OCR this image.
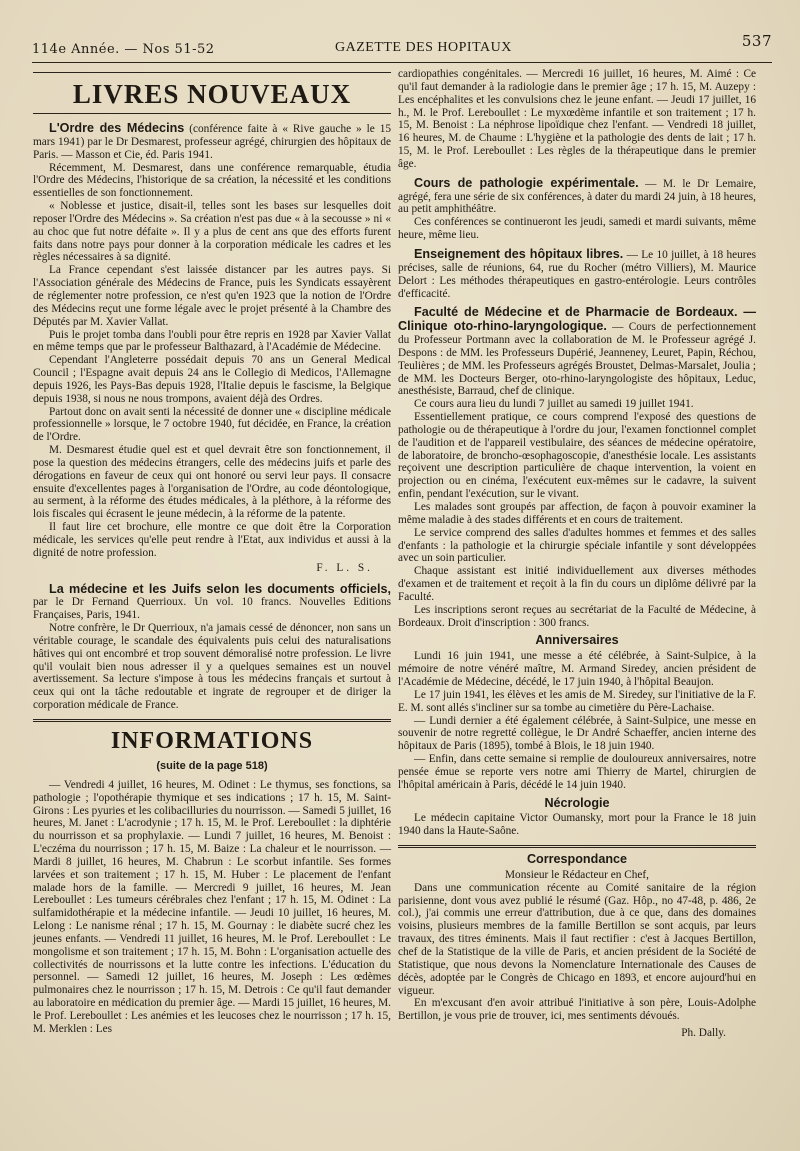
114e Année. — Nos 51-52	GAZETTE DES HOPITAUX	537
LIVRES NOUVEAUX

L'Ordre des Médecins (conférence faite à « Rive gauche » le 15 mars 1941) par le Dr Desmarest, professeur agrégé, chirurgien des hôpitaux de Paris. — Masson et Cie, éd. Paris 1941.

Récemment, M. Desmarest, dans une conférence remarquable, étudia l'Ordre des Médecins, l'historique de sa création, la nécessité et les conditions essentielles de son fonctionnement.

« Noblesse et justice, disait-il, telles sont les bases sur lesquelles doit reposer l'Ordre des Médecins ». Sa création n'est pas due « à la secousse » ni « au choc que fut notre défaite ». Il y a plus de cent ans que des efforts furent faits dans notre pays pour donner à la corporation médicale les cadres et les règles nécessaires à sa dignité.

La France cependant s'est laissée distancer par les autres pays. Si l'Association générale des Médecins de France, puis les Syndicats essayèrent de réglementer notre profession, ce n'est qu'en 1923 que la notion de l'Ordre des Médecins reçut une forme légale avec le projet présenté à la Chambre des Députés par M. Xavier Vallat.

Puis le projet tomba dans l'oubli pour être repris en 1928 par Xavier Vallat en même temps que par le professeur Balthazard, à l'Académie de Médecine.

Cependant l'Angleterre possédait depuis 70 ans un General Medical Council ; l'Espagne avait depuis 24 ans le Collegio di Medicos, l'Allemagne depuis 1926, les Pays-Bas depuis 1928, l'Italie depuis le fascisme, la Belgique depuis 1938, si nous ne nous trompons, avaient déjà des Ordres.

Partout donc on avait senti la nécessité de donner une « discipline médicale professionnelle » lorsque, le 7 octobre 1940, fut décidée, en France, la création de l'Ordre.

M. Desmarest étudie quel est et quel devrait être son fonctionnement, il pose la question des médecins étrangers, celle des médecins juifs et parle des dérogations en faveur de ceux qui ont honoré ou servi leur pays. Il consacre ensuite d'excellentes pages à l'organisation de l'Ordre, au code déontologique, au serment, à la réforme des études médicales, à la pléthore, à la réforme des lois fiscales qui écrasent le jeune médecin, à la réforme de la patente.

Il faut lire cet brochure, elle montre ce que doit être la Corporation médicale, les services qu'elle peut rendre à l'Etat, aux individus et aussi à la dignité de notre profession.

F. L. S.

La médecine et les Juifs selon les documents officiels, par le Dr Fernand Querrioux. Un vol. 10 francs. Nouvelles Editions Françaises, Paris, 1941.

Notre confrère, le Dr Querrioux, n'a jamais cessé de dénoncer, non sans un véritable courage, le scandale des équivalents puis celui des naturalisations hâtives qui ont encombré et trop souvent démoralisé notre profession. Le livre qu'il voulait bien nous adresser il y a quelques semaines est un nouvel avertissement. Sa lecture s'impose à tous les médecins français et surtout à ceux qui ont la tâche redoutable et ingrate de regrouper et de diriger la corporation médicale de France.

INFORMATIONS
(suite de la page 518)

— Vendredi 4 juillet, 16 heures, M. Odinet : Le thymus, ses fonctions, sa pathologie ; l'opothérapie thymique et ses indications ; 17 h. 15, M. Saint-Girons : Les pyuries et les colibacilluries du nourrisson. — Samedi 5 juillet, 16 heures, M. Janet : L'acrodynie ; 17 h. 15, M. le Prof. Lereboullet : la diphtérie du nourrisson et sa prophylaxie. — Lundi 7 juillet, 16 heures, M. Benoist : L'eczéma du nourrisson ; 17 h. 15, M. Baize : La chaleur et le nourrisson. — Mardi 8 juillet, 16 heures, M. Chabrun : Le scorbut infantile. Ses formes larvées et son traitement ; 17 h. 15, M. Huber : Le placement de l'enfant malade hors de la famille. — Mercredi 9 juillet, 16 heures, M. Jean Lereboullet : Les tumeurs cérébrales chez l'enfant ; 17 h. 15, M. Odinet : La sulfamidothérapie et la médecine infantile. — Jeudi 10 juillet, 16 heures, M. Lelong : Le nanisme rénal ; 17 h. 15, M. Gournay : le diabète sucré chez les jeunes enfants. — Vendredi 11 juillet, 16 heures, M. le Prof. Lereboullet : Le mongolisme et son traitement ; 17 h. 15, M. Bohn : L'organisation actuelle des collectivités de nourrissons et la lutte contre les infections. L'éducation du personnel. — Samedi 12 juillet, 16 heures, M. Joseph : Les œdèmes pulmonaires chez le nourrisson ; 17 h. 15, M. Detrois : Ce qu'il faut demander au laboratoire en médication du premier âge. — Mardi 15 juillet, 16 heures, M. le Prof. Lereboullet : Les anémies et les leucoses chez le nourrisson ; 17 h. 15, M. Merklen : Les

cardiopathies congénitales. — Mercredi 16 juillet, 16 heures, M. Aimé : Ce qu'il faut demander à la radiologie dans le premier âge ; 17 h. 15, M. Auzepy : Les encéphalites et les convulsions chez le jeune enfant. — Jeudi 17 juillet, 16 h., M. le Prof. Lereboullet : Le myxœdème infantile et son traitement ; 17 h. 15, M. Benoist : La néphrose lipoïdique chez l'enfant. — Vendredi 18 juillet, 16 heures, M. de Chaume : L'hygiène et la pathologie des dents de lait ; 17 h. 15, M. le Prof. Lereboullet : Les règles de la thérapeutique dans le premier âge.

Cours de pathologie expérimentale. — M. le Dr Lemaire, agrégé, fera une série de six conférences, à dater du mardi 24 juin, à 18 heures, au petit amphithéâtre.

Ces conférences se continueront les jeudi, samedi et mardi suivants, même heure, même lieu.

Enseignement des hôpitaux libres. — Le 10 juillet, à 18 heures précises, salle de réunions, 64, rue du Rocher (métro Villiers), M. Maurice Delort : Les méthodes thérapeutiques en gastro-entérologie. Leurs contrôles d'efficacité.

Faculté de Médecine et de Pharmacie de Bordeaux. — Clinique oto-rhino-laryngologique. — Cours de perfectionnement du Professeur Portmann avec la collaboration de M. le Professeur agrégé J. Despons : de MM. les Professeurs Dupérié, Jeanneney, Leuret, Papin, Réchou, Teulières ; de MM. les Professeurs agrégés Broustet, Delmas-Marsalet, Joulia ; de MM. les Docteurs Berger, oto-rhino-laryngologiste des hôpitaux, Leduc, anesthésiste, Barraud, chef de clinique.

Ce cours aura lieu du lundi 7 juillet au samedi 19 juillet 1941.

Essentiellement pratique, ce cours comprend l'exposé des questions de pathologie ou de thérapeutique à l'ordre du jour, l'examen fonctionnel complet de l'audition et de l'appareil vestibulaire, des séances de médecine opératoire, de laboratoire, de broncho-œsophagoscopie, d'anesthésie locale. Les assistants reçoivent une description particulière de chaque intervention, la voient en projection ou en cinéma, l'exécutent eux-mêmes sur le cadavre, la suivent enfin, pendant l'exécution, sur le vivant.

Les malades sont groupés par affection, de façon à pouvoir examiner la même maladie à des stades différents et en cours de traitement.

Le service comprend des salles d'adultes hommes et femmes et des salles d'enfants : la pathologie et la chirurgie spéciale infantile y sont développées avec un soin particulier.

Chaque assistant est initié individuellement aux diverses méthodes d'examen et de traitement et reçoit à la fin du cours un diplôme délivré par la Faculté.

Les inscriptions seront reçues au secrétariat de la Faculté de Médecine, à Bordeaux. Droit d'inscription : 300 francs.

Anniversaires

Lundi 16 juin 1941, une messe a été célébrée, à Saint-Sulpice, à la mémoire de notre vénéré maître, M. Armand Siredey, ancien président de l'Académie de Médecine, décédé, le 17 juin 1940, à l'hôpital Beaujon.

Le 17 juin 1941, les élèves et les amis de M. Siredey, sur l'initiative de la F. E. M. sont allés s'incliner sur sa tombe au cimetière du Père-Lachaise.

— Lundi dernier a été également célébrée, à Saint-Sulpice, une messe en souvenir de notre regretté collègue, le Dr André Schaeffer, ancien interne des hôpitaux de Paris (1895), tombé à Blois, le 18 juin 1940.

— Enfin, dans cette semaine si remplie de douloureux anniversaires, notre pensée émue se reporte vers notre ami Thierry de Martel, chirurgien de l'hôpital américain à Paris, décédé le 14 juin 1940.

Nécrologie

Le médecin capitaine Victor Oumansky, mort pour la France le 18 juin 1940 dans la Haute-Saône.

Correspondance

Monsieur le Rédacteur en Chef,

Dans une communication récente au Comité sanitaire de la région parisienne, dont vous avez publié le résumé (Gaz. Hôp., no 47-48, p. 486, 2e col.), j'ai commis une erreur d'attribution, due à ce que, dans des domaines voisins, plusieurs membres de la famille Bertillon se sont acquis, par leurs travaux, des titres éminents. Mais il faut rectifier : c'est à Jacques Bertillon, chef de la Statistique de la ville de Paris, et ancien président de la Société de Statistique, que nous devons la Nomenclature Internationale des Causes de décès, adoptée par le Congrès de Chicago en 1893, et encore aujourd'hui en vigueur.

En m'excusant d'en avoir attribué l'initiative à son père, Louis-Adolphe Bertillon, je vous prie de trouver, ici, mes sentiments dévoués.

Ph. Dally.
